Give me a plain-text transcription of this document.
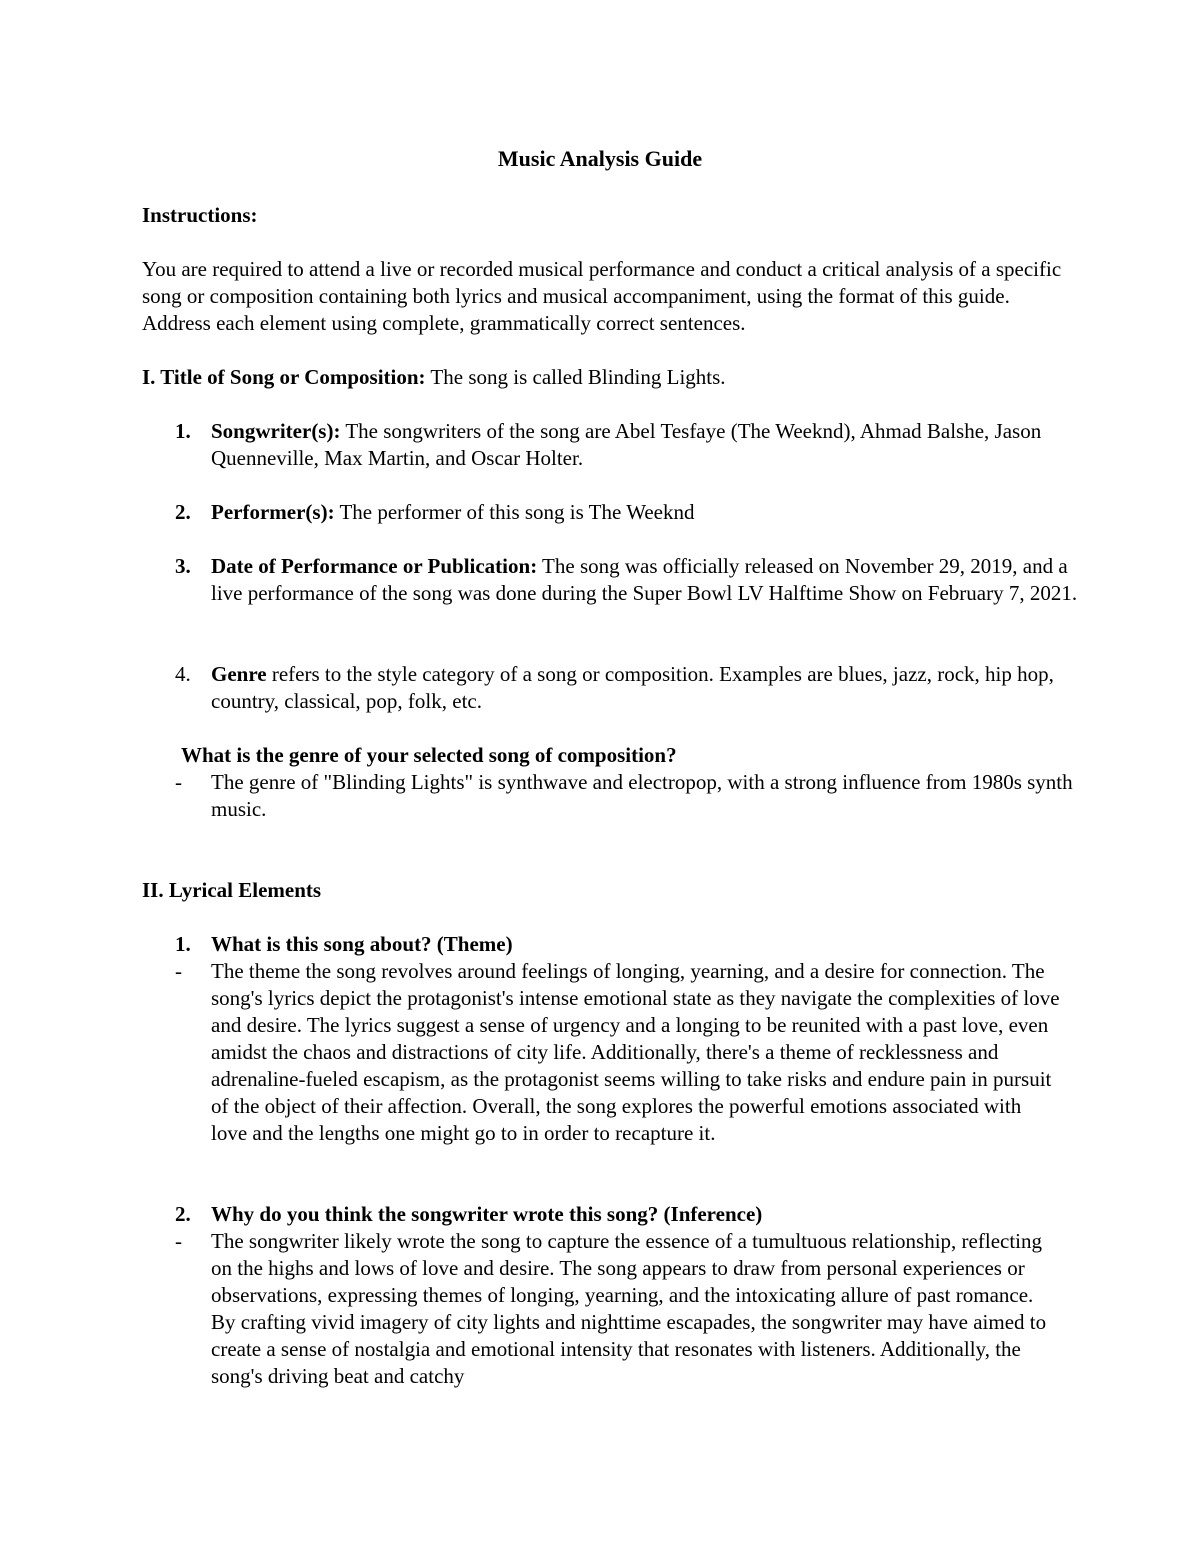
Music Analysis Guide
Instructions:
You are required to attend a live or recorded musical performance and conduct a critical analysis of a specific song or composition containing both lyrics and musical accompaniment, using the format of this guide. Address each element using complete, grammatically correct sentences.
I. Title of Song or Composition: The song is called Blinding Lights.
1. Songwriter(s): The songwriters of the song are Abel Tesfaye (The Weeknd), Ahmad Balshe, Jason Quenneville, Max Martin, and Oscar Holter.
2. Performer(s): The performer of this song is The Weeknd
3. Date of Performance or Publication: The song was officially released on November 29, 2019, and a live performance of the song was done during the Super Bowl LV Halftime Show on February 7, 2021.
4. Genre refers to the style category of a song or composition. Examples are blues, jazz, rock, hip hop, country, classical, pop, folk, etc.
What is the genre of your selected song of composition?
-	The genre of "Blinding Lights" is synthwave and electropop, with a strong influence from 1980s synth music.
II. Lyrical Elements
1. What is this song about? (Theme)
-	The theme the song revolves around feelings of longing, yearning, and a desire for connection. The song's lyrics depict the protagonist's intense emotional state as they navigate the complexities of love and desire. The lyrics suggest a sense of urgency and a longing to be reunited with a past love, even amidst the chaos and distractions of city life. Additionally, there's a theme of recklessness and adrenaline-fueled escapism, as the protagonist seems willing to take risks and endure pain in pursuit of the object of their affection. Overall, the song explores the powerful emotions associated with love and the lengths one might go to in order to recapture it.
2. Why do you think the songwriter wrote this song? (Inference)
-	The songwriter likely wrote the song to capture the essence of a tumultuous relationship, reflecting on the highs and lows of love and desire. The song appears to draw from personal experiences or observations, expressing themes of longing, yearning, and the intoxicating allure of past romance. By crafting vivid imagery of city lights and nighttime escapades, the songwriter may have aimed to create a sense of nostalgia and emotional intensity that resonates with listeners. Additionally, the song's driving beat and catchy
